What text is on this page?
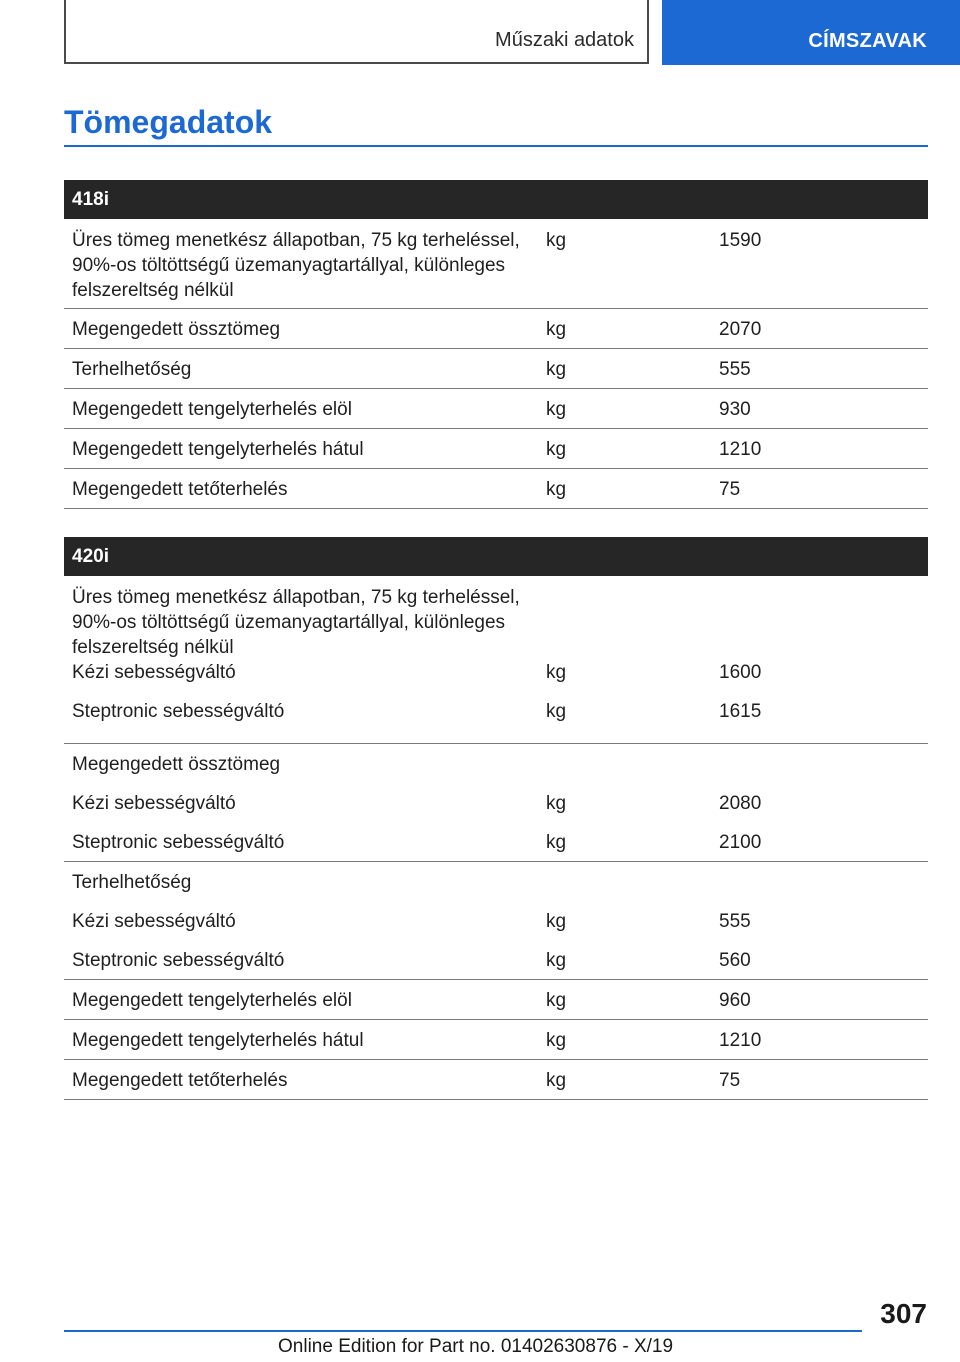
Műszaki adatok	CÍMSZAVAK
Tömegadatok
418i
Üres tömeg menetkész állapotban, 75 kg terheléssel, 90%-os töltöttségű üzemanyagtartállyal, különleges felszereltség nélkül
kg	1590
Megengedett össztömeg	kg	2070
Terhelhetőség	kg	555
Megengedett tengelyterhelés elöl	kg	930
Megengedett tengelyterhelés hátul	kg	1210
Megengedett tetőterhelés	kg	75
420i
Üres tömeg menetkész állapotban, 75 kg terheléssel, 90%-os töltöttségű üzemanyagtartállyal, különleges felszereltség nélkül
Kézi sebességváltó	kg	1600
Steptronic sebességváltó	kg	1615
Megengedett össztömeg
Kézi sebességváltó	kg	2080
Steptronic sebességváltó	kg	2100
Terhelhetőség
Kézi sebességváltó	kg	555
Steptronic sebességváltó	kg	560
Megengedett tengelyterhelés elöl	kg	960
Megengedett tengelyterhelés hátul	kg	1210
Megengedett tetőterhelés	kg	75
307
Online Edition for Part no. 01402630876 - X/19
